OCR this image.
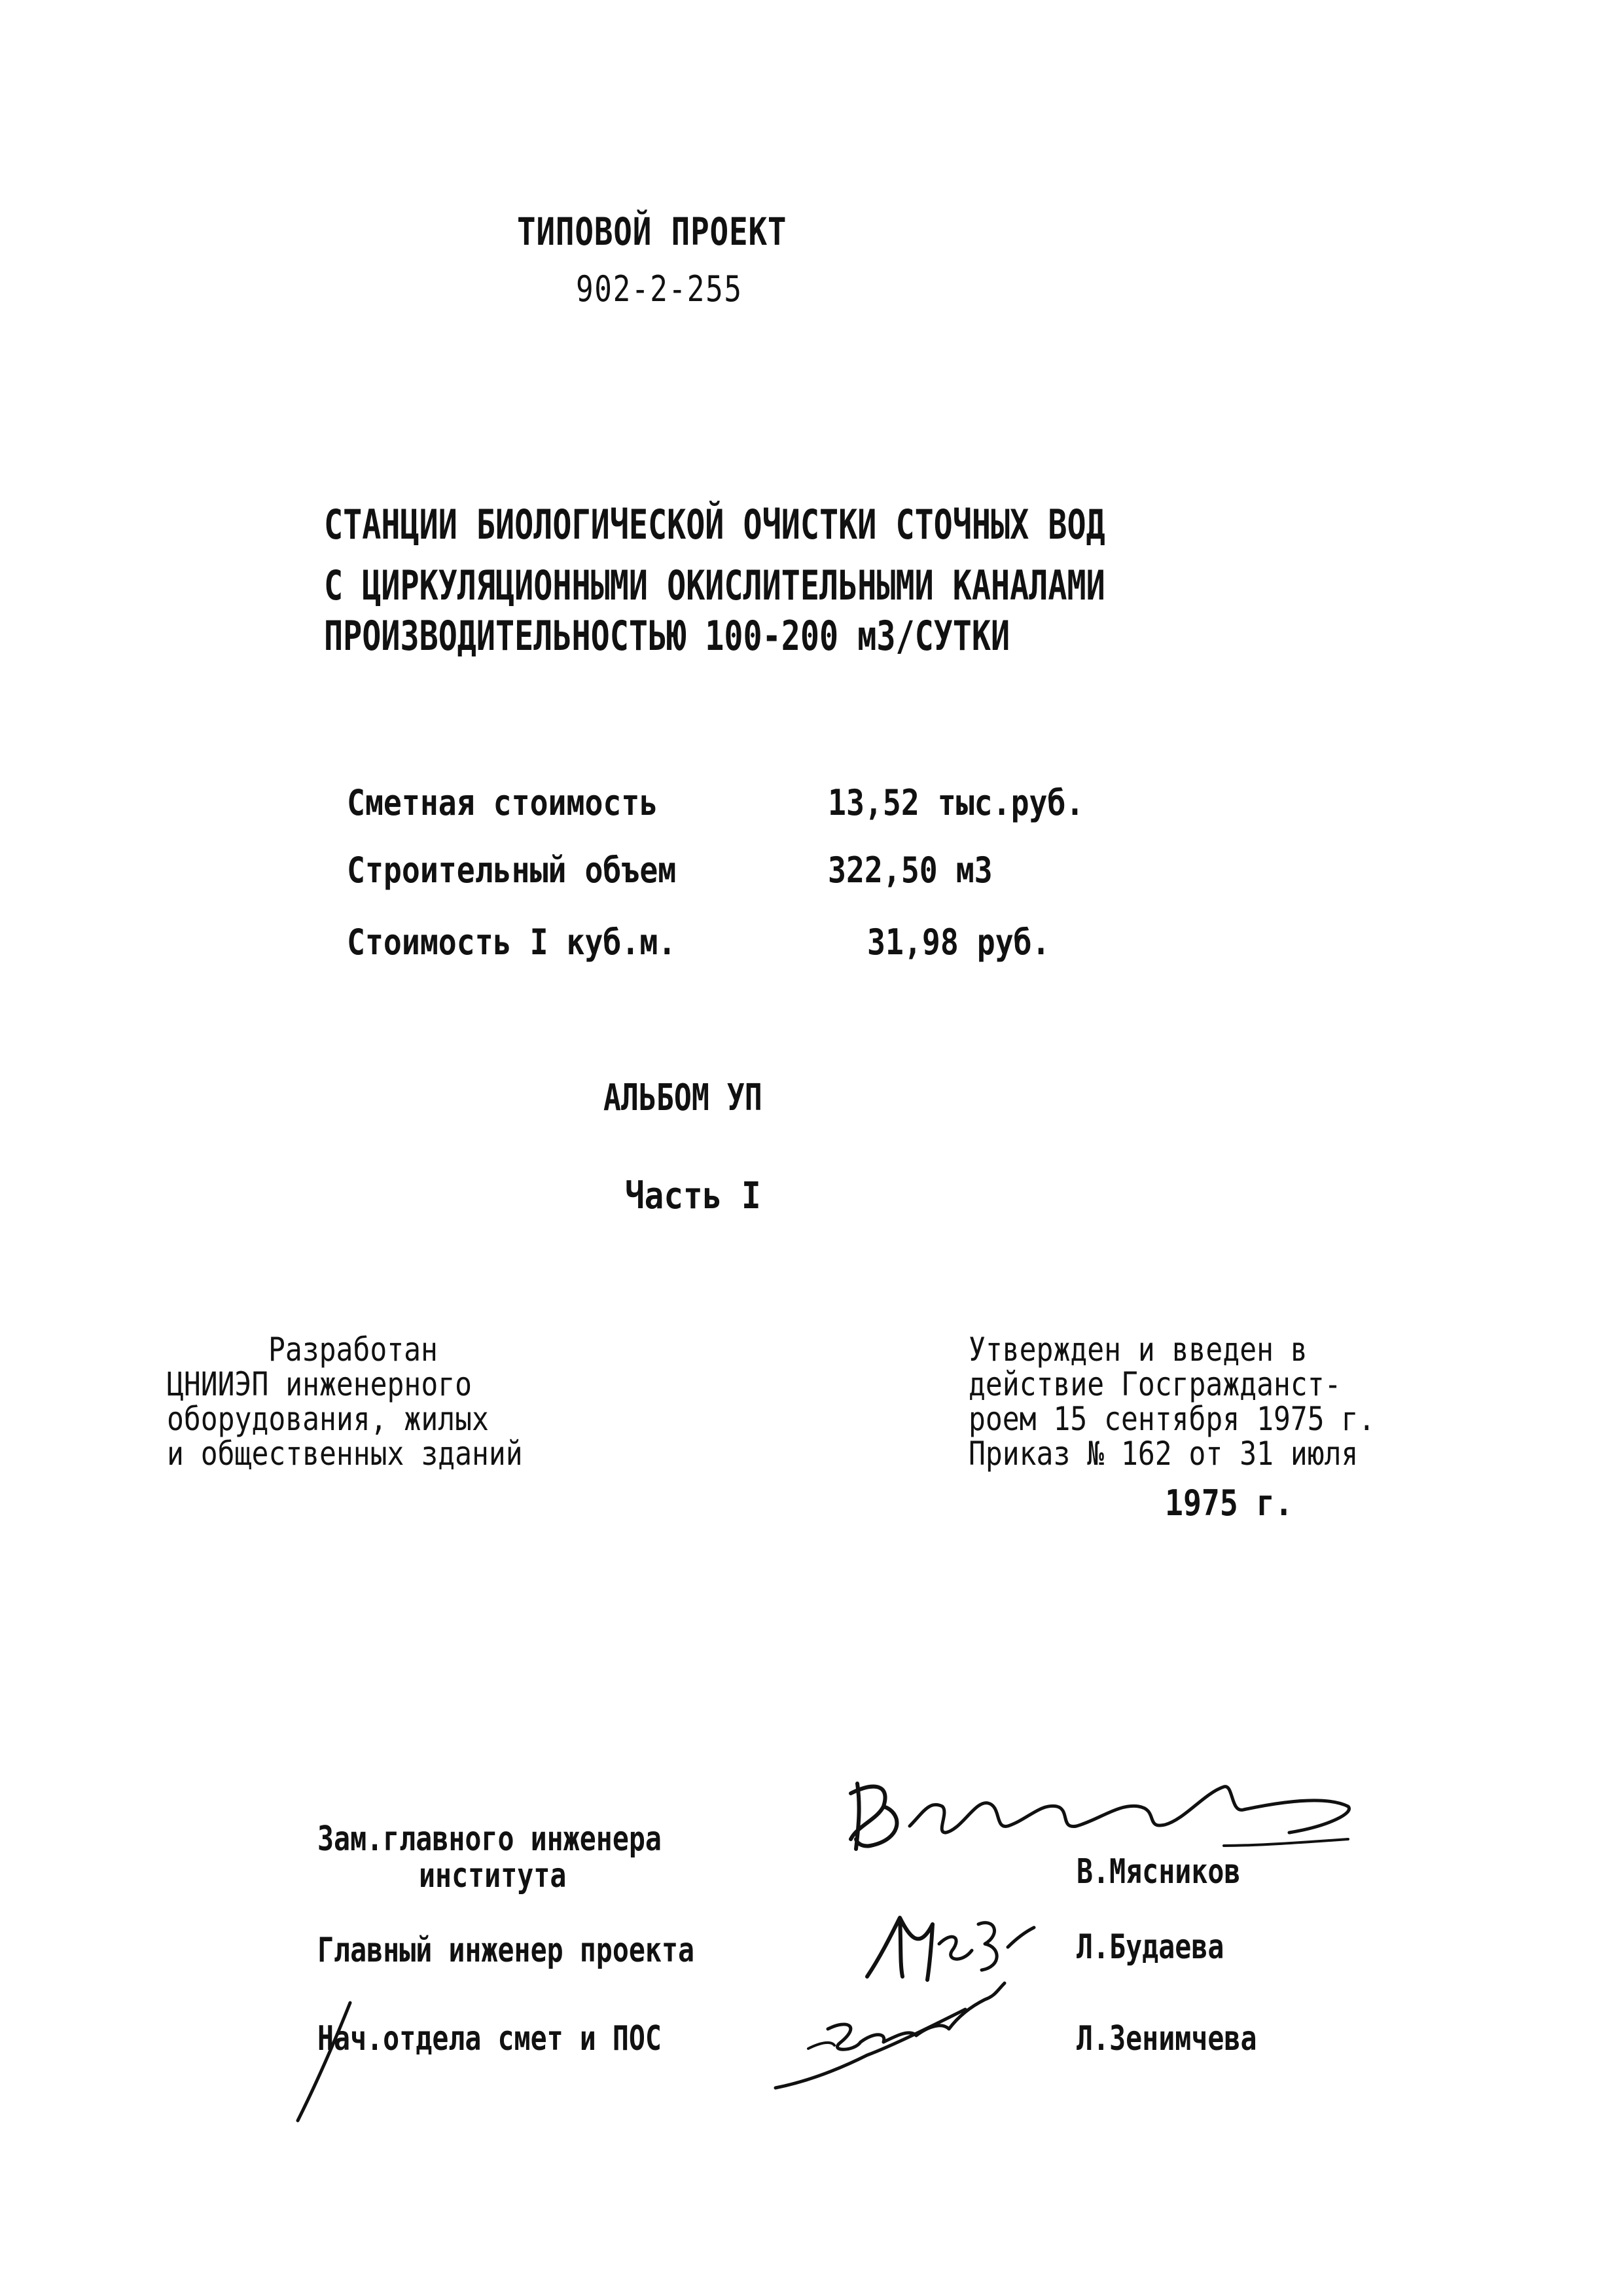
ТИПОВОЙ ПРОЕКТ
902-2-255
СТАНЦИИ БИОЛОГИЧЕСКОЙ ОЧИСТКИ СТОЧНЫХ ВОД
С ЦИРКУЛЯЦИОННЫМИ ОКИСЛИТЕЛЬНЫМИ КАНАЛАМИ
ПРОИЗВОДИТЕЛЬНОСТЬЮ 100-200 м3/СУТКИ
Сметная стоимость	13,52 тыс.руб.
Строительный объем	322,50 м3
Стоимость I куб.м.	31,98 руб.
АЛЬБОМ УП
Часть I
Разработан
ЦНИИЭП инженерного
оборудования, жилых
и общественных зданий
Утвержден и введен в
действие Госгражданст-
роем 15 сентября 1975 г.
Приказ № 162 от 31 июля
1975 г.
Зам.главного инженера
института	В.Мясников
Главный инженер проекта	Л.Будаева
Нач.отдела смет и ПОС	Л.Зенимчева
